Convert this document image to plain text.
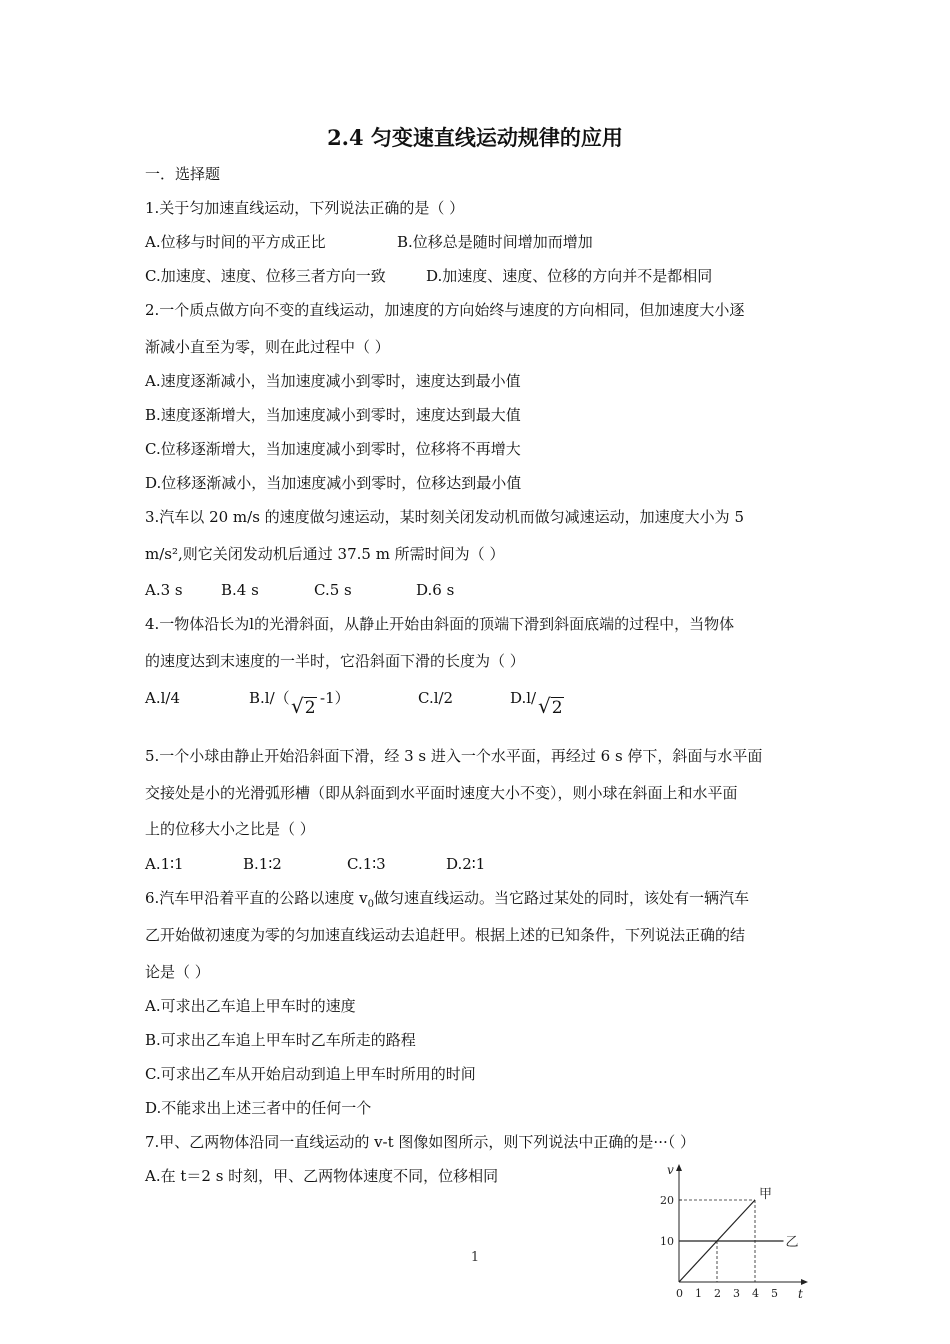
2.4 匀变速直线运动规律的应用
一．选择题
1.关于匀加速直线运动，下列说法正确的是（ ）
A.位移与时间的平方成正比	B.位移总是随时间增加而增加
C.加速度、速度、位移三者方向一致	D.加速度、速度、位移的方向并不是都相同
2.一个质点做方向不变的直线运动，加速度的方向始终与速度的方向相同，但加速度大小逐
渐减小直至为零，则在此过程中（ ）
A.速度逐渐减小，当加速度减小到零时，速度达到最小值
B.速度逐渐增大，当加速度减小到零时，速度达到最大值
C.位移逐渐增大，当加速度减小到零时，位移将不再增大
D.位移逐渐减小，当加速度减小到零时，位移达到最小值
3.汽车以 20 m/s 的速度做匀速运动，某时刻关闭发动机而做匀减速运动，加速度大小为 5
m/s²,则它关闭发动机后通过 37.5 m 所需时间为（ ）
A.3 s	B.4 s	C.5 s	D.6 s
4.一物体沿长为l的光滑斜面，从静止开始由斜面的顶端下滑到斜面底端的过程中，当物体
的速度达到末速度的一半时，它沿斜面下滑的长度为（ ）
A.l/4	B.l/（ √2 -1）	C.l/2	D.l/ √2
5.一个小球由静止开始沿斜面下滑，经 3 s 进入一个水平面，再经过 6 s 停下，斜面与水平面
交接处是小的光滑弧形槽（即从斜面到水平面时速度大小不变），则小球在斜面上和水平面
上的位移大小之比是（ ）
A.1∶1	B.1∶2	C.1∶3	D.2∶1
6.汽车甲沿着平直的公路以速度 $v_0$做匀速直线运动。当它路过某处的同时，该处有一辆汽车
乙开始做初速度为零的匀加速直线运动去追赶甲。根据上述的已知条件，下列说法正确的结
论是（ ）
A.可求出乙车追上甲车时的速度
B.可求出乙车追上甲车时乙车所走的路程
C.可求出乙车从开始启动到追上甲车时所用的时间
D.不能求出上述三者中的任何一个
7.甲、乙两物体沿同一直线运动的 v-t 图像如图所示，则下列说法中正确的是···（ ）
A.在 t＝2 s 时刻，甲、乙两物体速度不同，位移相同	v
t
0 1 2 3 4 5
10
20	甲
乙
1
